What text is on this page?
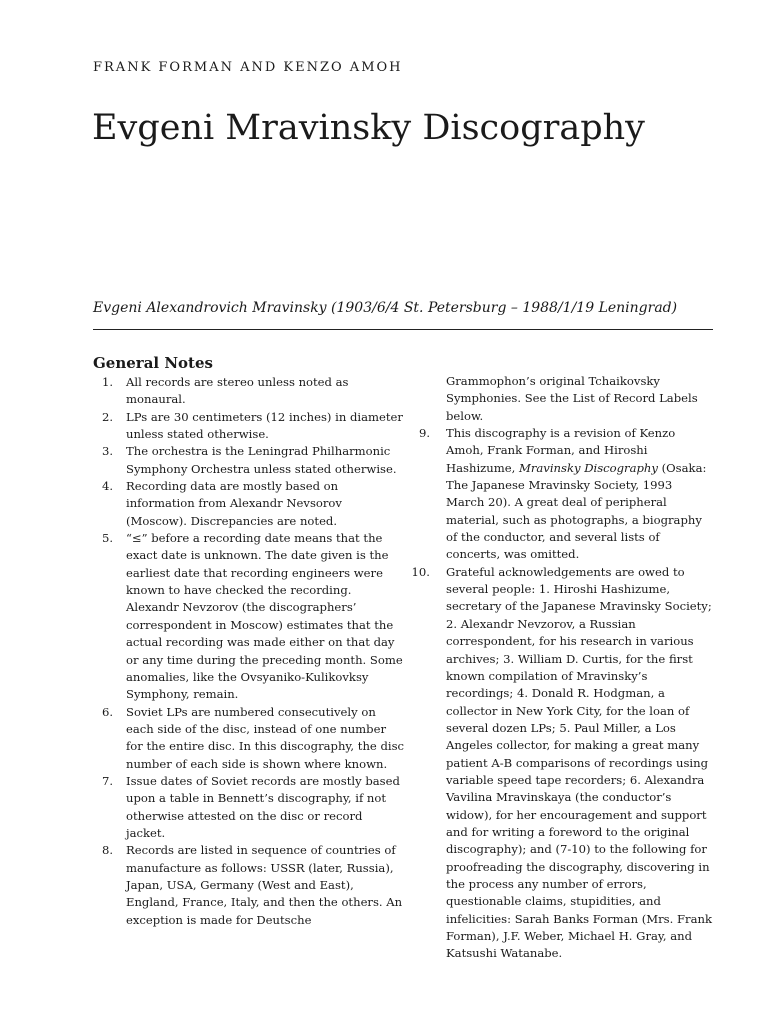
FRANK FORMAN AND KENZO AMOH
Evgeni Mravinsky Discography
Evgeni Alexandrovich Mravinsky (1903/6/4 St. Petersburg – 1988/1/19 Leningrad)
General Notes
1. All records are stereo unless noted as monaural.
2. LPs are 30 centimeters (12 inches) in diameter unless stated otherwise.
3. The orchestra is the Leningrad Philharmonic Symphony Orchestra unless stated otherwise.
4. Recording data are mostly based on information from Alexandr Nevsorov (Moscow). Discrepancies are noted.
5. “≤” before a recording date means that the exact date is unknown. The date given is the earliest date that recording engineers were known to have checked the recording. Alexandr Nevzorov (the discographers’ correspondent in Moscow) estimates that the actual recording was made either on that day or any time during the preceding month. Some anomalies, like the Ovsyaniko-Kulikovksy Symphony, remain.
6. Soviet LPs are numbered consecutively on each side of the disc, instead of one number for the entire disc. In this discography, the disc number of each side is shown where known.
7. Issue dates of Soviet records are mostly based upon a table in Bennett’s discography, if not otherwise attested on the disc or record jacket.
8. Records are listed in sequence of countries of manufacture as follows: USSR (later, Russia), Japan, USA, Germany (West and East), England, France, Italy, and then the others. An exception is made for Deutsche
Grammophon’s original Tchaikovsky Symphonies. See the List of Record Labels below.
9. This discography is a revision of Kenzo Amoh, Frank Forman, and Hiroshi Hashizume, Mravinsky Discography (Osaka: The Japanese Mravinsky Society, 1993 March 20). A great deal of peripheral material, such as photographs, a biography of the conductor, and several lists of concerts, was omitted.
10. Grateful acknowledgements are owed to several people: 1. Hiroshi Hashizume, secretary of the Japanese Mravinsky Society; 2. Alexandr Nevzorov, a Russian correspondent, for his research in various archives; 3. William D. Curtis, for the first known compilation of Mravinsky’s recordings; 4. Donald R. Hodgman, a collector in New York City, for the loan of several dozen LPs; 5. Paul Miller, a Los Angeles collector, for making a great many patient A-B comparisons of recordings using variable speed tape recorders; 6. Alexandra Vavilina Mravinskaya (the conductor’s widow), for her encouragement and support and for writing a foreword to the original discography); and (7-10) to the following for proofreading the discography, discovering in the process any number of errors, questionable claims, stupidities, and infelicities: Sarah Banks Forman (Mrs. Frank Forman), J.F. Weber, Michael H. Gray, and Katsushi Watanabe.
